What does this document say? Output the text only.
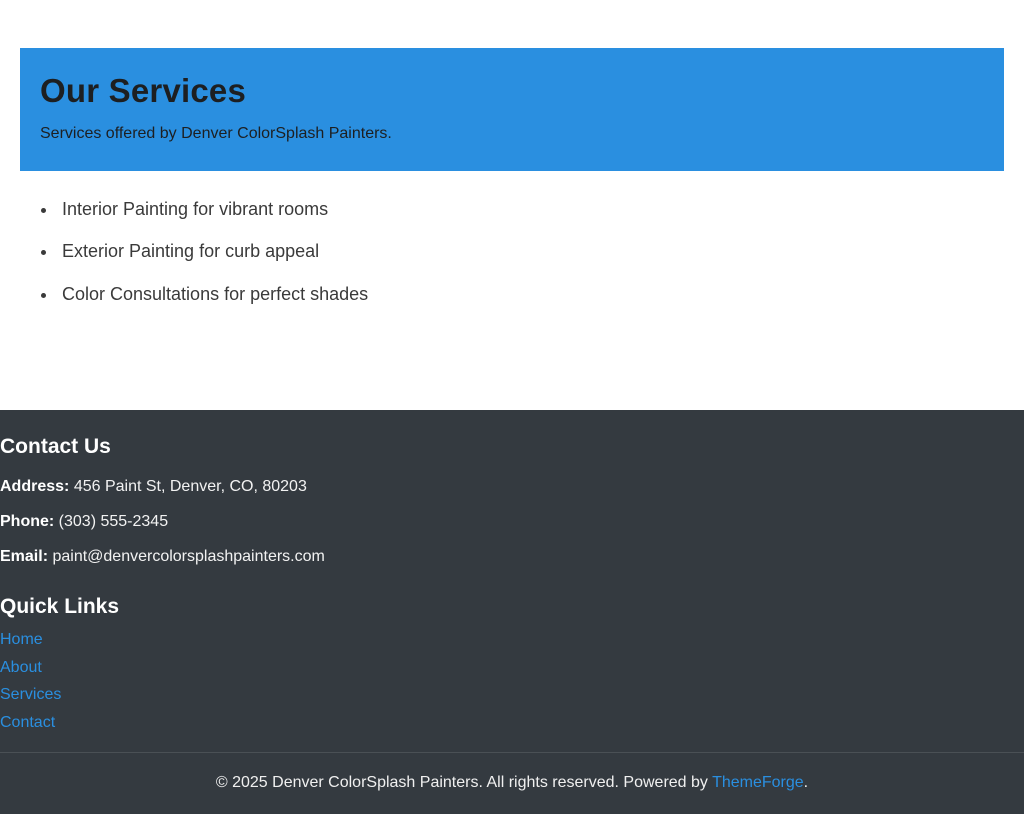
Our Services

Services offered by Denver ColorSplash Painters.

• Interior Painting for vibrant rooms
• Exterior Painting for curb appeal
• Color Consultations for perfect shades
Contact Us
Address: 456 Paint St, Denver, CO, 80203
Phone: (303) 555-2345
Email: paint@denvercolorsplashpainters.com
Quick Links
Home
About
Services
Contact
© 2025 Denver ColorSplash Painters. All rights reserved. Powered by ThemeForge.
